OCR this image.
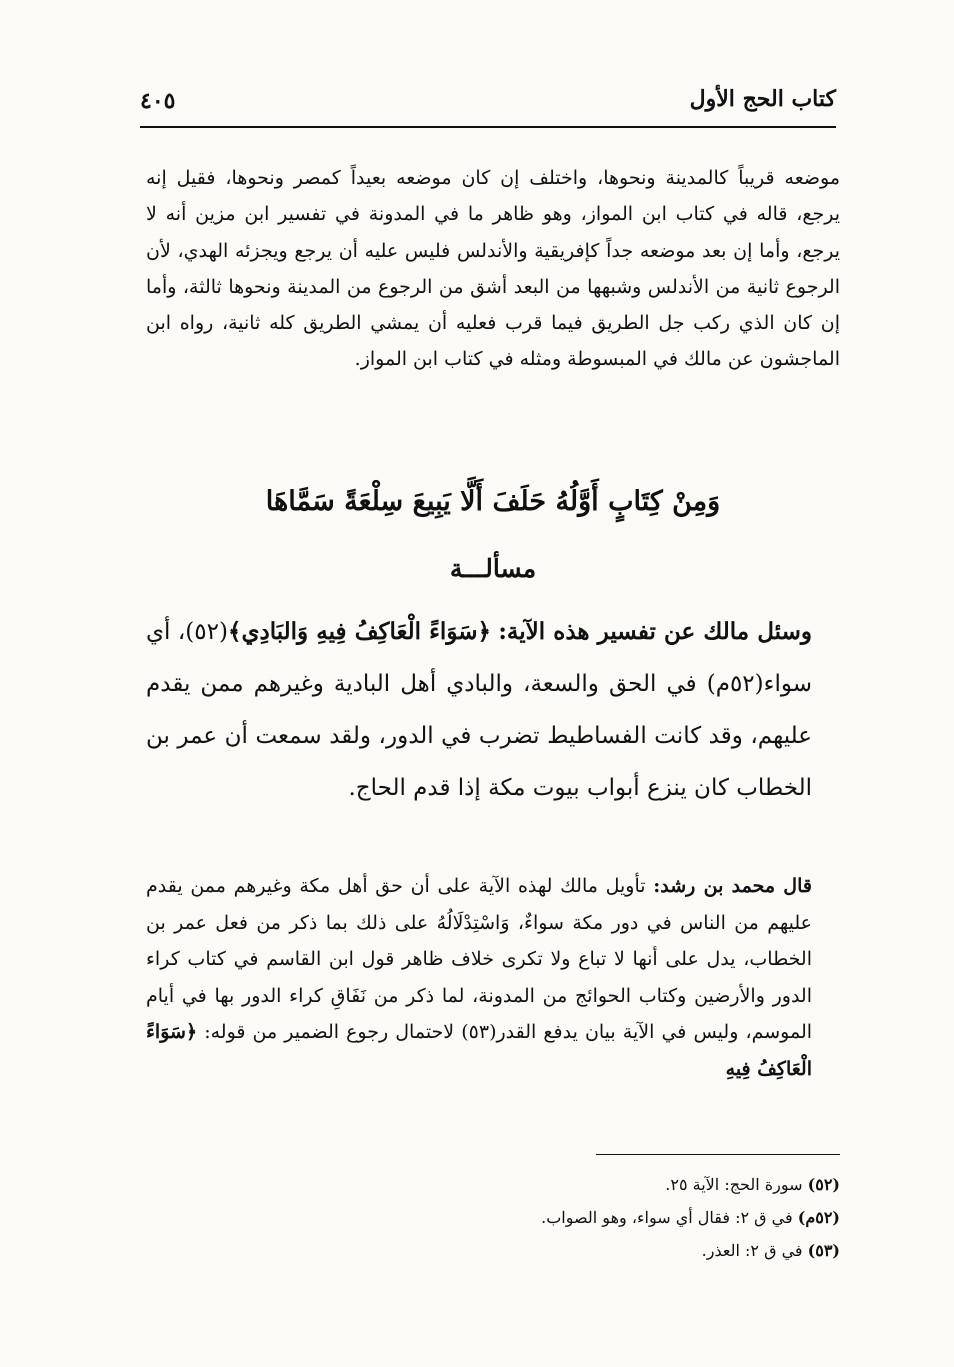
كتاب الحج الأول
٤٠٥

موضعه قريباً كالمدينة ونحوها، واختلف إن كان موضعه بعيداً كمصر ونحوها، فقيل إنه يرجع، قاله في كتاب ابن المواز، وهو ظاهر ما في المدونة في تفسير ابن مزين أنه لا يرجع، وأما إن بعد موضعه جداً كإفريقية والأندلس فليس عليه أن يرجع ويجزئه الهدي، لأن الرجوع ثانية من الأندلس وشبهها من البعد أشق من الرجوع من المدينة ونحوها ثالثة، وأما إن كان الذي ركب جل الطريق فيما قرب فعليه أن يمشي الطريق كله ثانية، رواه ابن الماجشون عن مالك في المبسوطة ومثله في كتاب ابن المواز.

وَمِنْ كِتَابٍ أَوَّلُهُ حَلَفَ أَلَّا يَبِيعَ سِلْعَةً سَمَّاهَا
مسألـــة

وسئل مالك عن تفسير هذه الآية: ﴿سَوَاءً الْعَاكِفُ فِيهِ وَالبَادِي﴾(٥٢)، أي سواء(٥٢م) في الحق والسعة، والبادي أهل البادية وغيرهم ممن يقدم عليهم، وقد كانت الفساطيط تضرب في الدور، ولقد سمعت أن عمر بن الخطاب كان ينزع أبواب بيوت مكة إذا قدم الحاج.

قال محمد بن رشد: تأويل مالك لهذه الآية على أن حق أهل مكة وغيرهم ممن يقدم عليهم من الناس في دور مكة سواءٌ، وَاسْتِدْلَالُهُ على ذلك بما ذكر من فعل عمر بن الخطاب، يدل على أنها لا تباع ولا تكرى خلاف ظاهر قول ابن القاسم في كتاب كراء الدور والأرضين وكتاب الحوائج من المدونة، لما ذكر من نَفَاقِ كراء الدور بها في أيام الموسم، وليس في الآية بيان يدفع القدر(٥٣) لاحتمال رجوع الضمير من قوله: ﴿سَوَاءً الْعَاكِفُ فِيهِ

(٥٢) سورة الحج: الآية ٢٥.
(٥٢م) في ق ٢: فقال أي سواء، وهو الصواب.
(٥٣) في ق ٢: العذر.
